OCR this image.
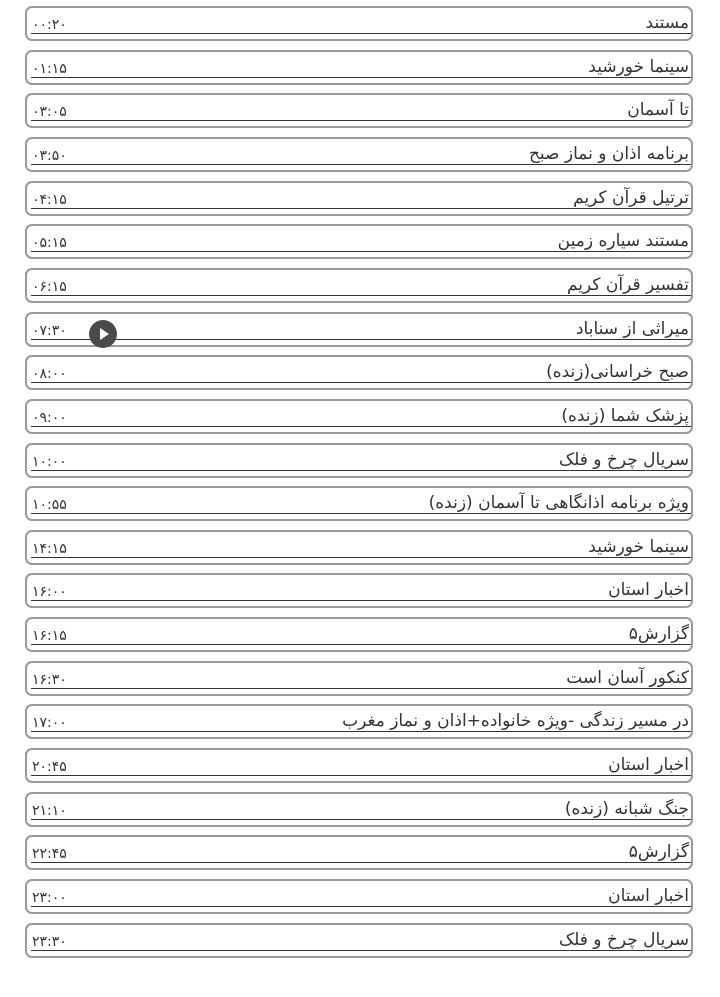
۰۰:۲۰	مستند
۰۱:۱۵	سینما خورشید
۰۳:۰۵	تا آسمان
۰۳:۵۰	برنامه اذان و نماز صبح
۰۴:۱۵	ترتیل قرآن کریم
۰۵:۱۵	مستند سیاره زمین
۰۶:۱۵	تفسیر قرآن کریم
۰۷:۳۰	میراثی از سناباد
۰۸:۰۰	صبح خراسانی(زنده)
۰۹:۰۰	پزشک شما (زنده)
۱۰:۰۰	سریال چرخ و فلک
۱۰:۵۵	ویژه برنامه اذانگاهی تا آسمان (زنده)
۱۴:۱۵	سینما خورشید
۱۶:۰۰	اخبار استان
۱۶:۱۵	گزارش۵
۱۶:۳۰	کنکور آسان است
۱۷:۰۰	در مسیر زندگی -ویژه خانواده+اذان و نماز مغرب
۲۰:۴۵	اخبار استان
۲۱:۱۰	جنگ شبانه (زنده)
۲۲:۴۵	گزارش۵
۲۳:۰۰	اخبار استان
۲۳:۳۰	سریال چرخ و فلک
